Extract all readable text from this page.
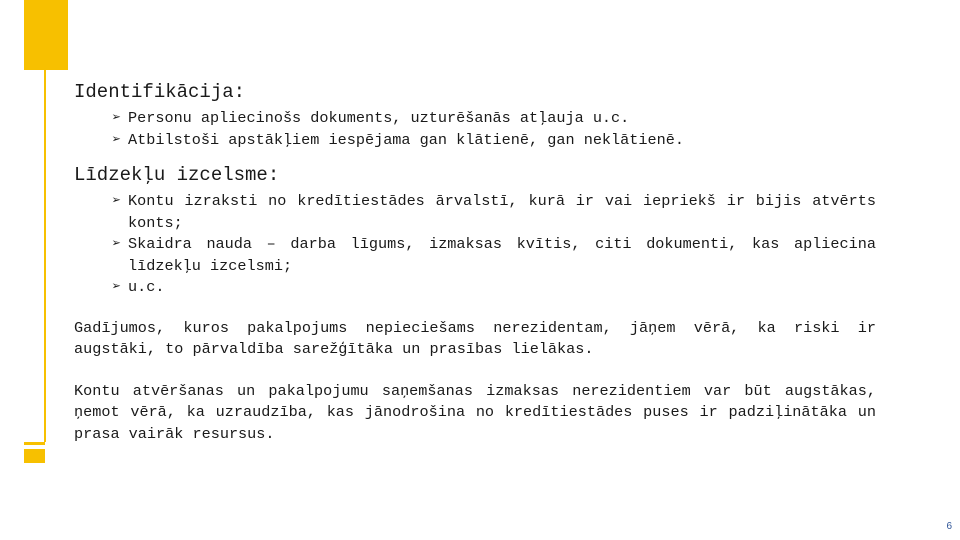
Identifikācija:

➢ Personu apliecinošs dokuments, uzturēšanās atļauja u.c.
➢ Atbilstoši apstākļiem iespējama gan klātienē, gan neklātienē.

Līdzekļu izcelsme:

➢ Kontu izraksti no kredītiestādes ārvalstī, kurā ir vai iepriekš ir bijis atvērts konts;
➢ Skaidra nauda – darba līgums, izmaksas kvītis, citi dokumenti, kas apliecina līdzekļu izcelsmi;
➢ u.c.

Gadījumos, kuros pakalpojums nepieciešams nerezidentam, jāņem vērā, ka riski ir augstāki, to pārvaldība sarežģītāka un prasības lielākas.

Kontu atvēršanas un pakalpojumu saņemšanas izmaksas nerezidentiem var būt augstākas, ņemot vērā, ka uzraudzība, kas jānodrošina no kredītiestādes puses ir padziļinātāka un prasa vairāk resursus.

6
